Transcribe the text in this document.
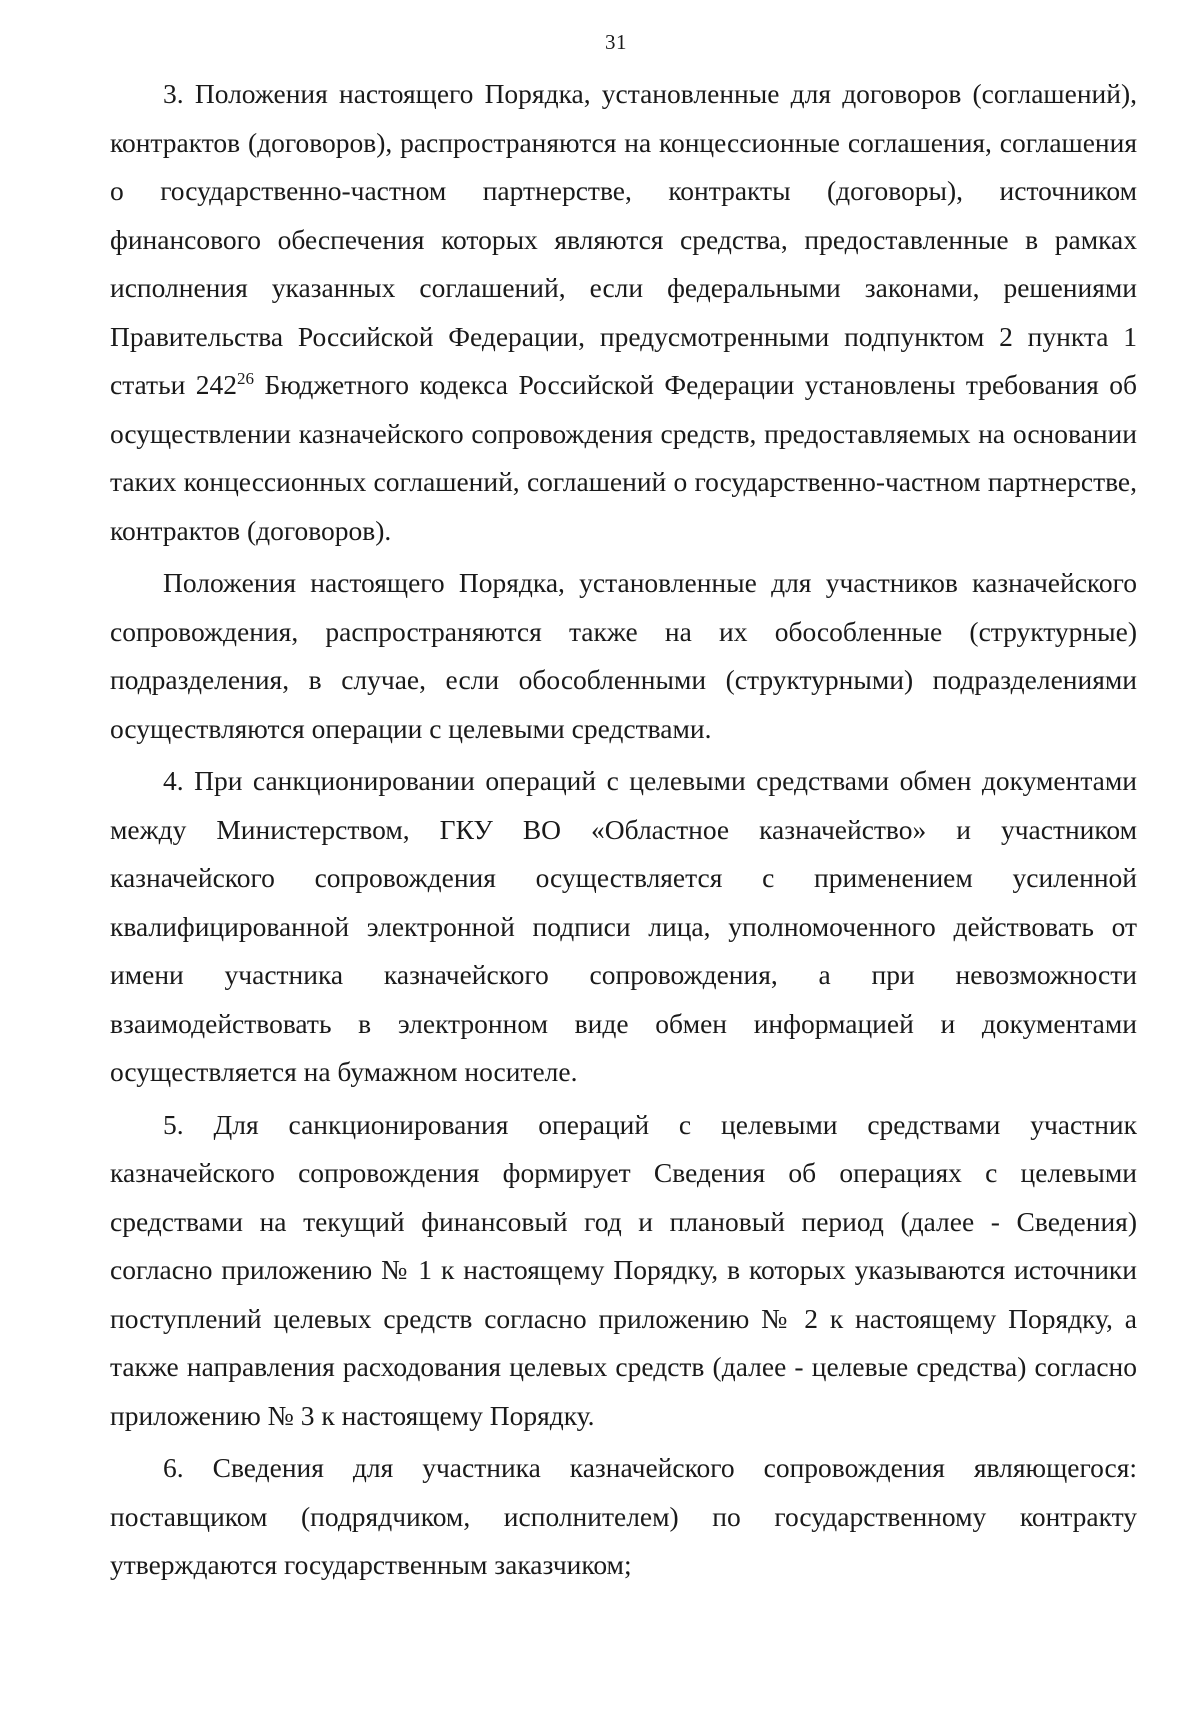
31

3. Положения настоящего Порядка, установленные для договоров (соглашений), контрактов (договоров), распространяются на концессионные соглашения, соглашения о государственно-частном партнерстве, контракты (договоры), источником финансового обеспечения которых являются средства, предоставленные в рамках исполнения указанных соглашений, если федеральными законами, решениями Правительства Российской Федерации, предусмотренными подпунктом 2 пункта 1 статьи $242^{26}$ Бюджетного кодекса Российской Федерации установлены требования об осуществлении казначейского сопровождения средств, предоставляемых на основании таких концессионных соглашений, соглашений о государственно-частном партнерстве, контрактов (договоров).

Положения настоящего Порядка, установленные для участников казначейского сопровождения, распространяются также на их обособленные (структурные) подразделения, в случае, если обособленными (структурными) подразделениями осуществляются операции с целевыми средствами.

4. При санкционировании операций с целевыми средствами обмен документами между Министерством, ГКУ ВО «Областное казначейство» и участником казначейского сопровождения осуществляется с применением усиленной квалифицированной электронной подписи лица, уполномоченного действовать от имени участника казначейского сопровождения, а при невозможности взаимодействовать в электронном виде обмен информацией и документами осуществляется на бумажном носителе.

5. Для санкционирования операций с целевыми средствами участник казначейского сопровождения формирует Сведения об операциях с целевыми средствами на текущий финансовый год и плановый период (далее - Сведения) согласно приложению № 1 к настоящему Порядку, в которых указываются источники поступлений целевых средств согласно приложению № 2 к настоящему Порядку, а также направления расходования целевых средств (далее - целевые средства) согласно приложению № 3 к настоящему Порядку.

6. Сведения для участника казначейского сопровождения являющегося: поставщиком (подрядчиком, исполнителем) по государственному контракту утверждаются государственным заказчиком;
